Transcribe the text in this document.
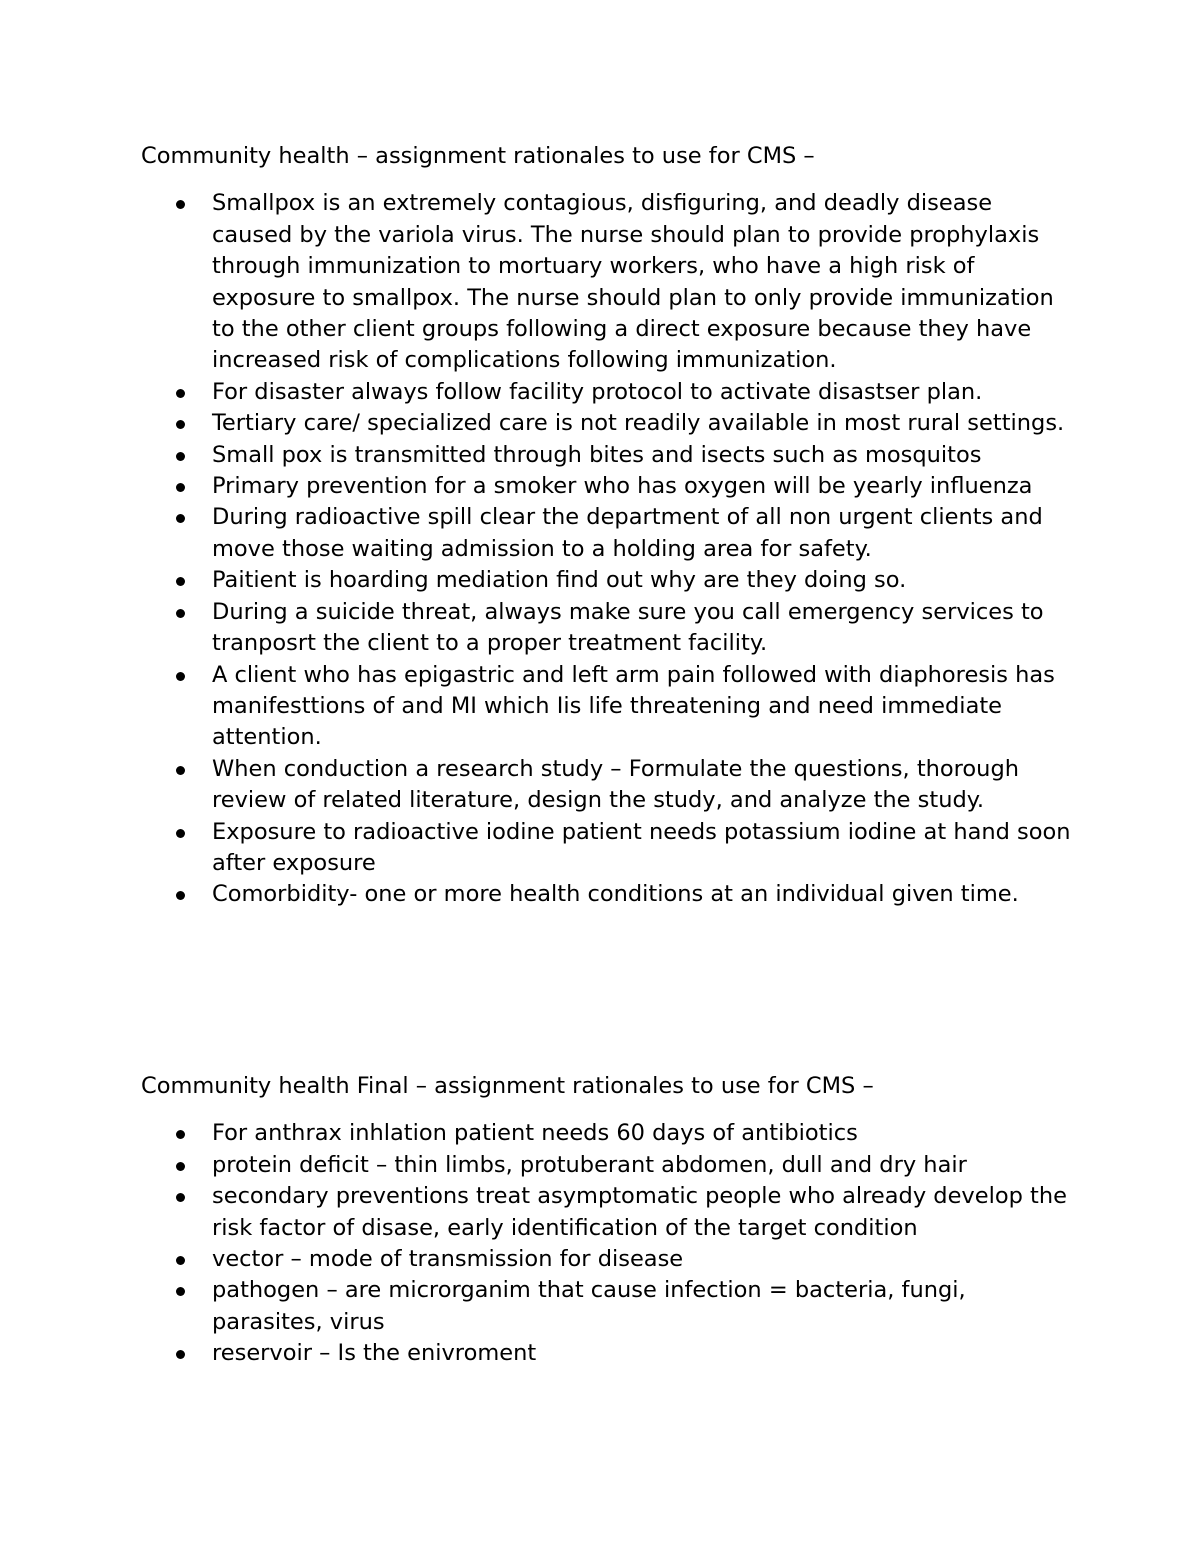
Community health – assignment rationales to use for CMS –
Smallpox is an extremely contagious, disfiguring, and deadly disease caused by the variola virus. The nurse should plan to provide prophylaxis through immunization to mortuary workers, who have a high risk of exposure to smallpox. The nurse should plan to only provide immunization to the other client groups following a direct exposure because they have increased risk of complications following immunization.
For disaster always follow facility protocol to activate disastser plan.
Tertiary care/ specialized care is not readily available in most rural settings.
Small pox is transmitted through bites and isects such as mosquitos
Primary prevention for a smoker who has oxygen will be yearly influenza
During radioactive spill clear the department of all non urgent clients and move those waiting admission to a holding area for safety.
Paitient is hoarding mediation find out why are they doing so.
During a suicide threat, always make sure you call emergency services to tranposrt the client to a proper treatment facility.
A client who has epigastric and left arm pain followed with diaphoresis has manifesttions of and MI which Iis life threatening and need immediate attention.
When conduction a research study – Formulate the questions, thorough review of related literature, design the study, and analyze the study.
Exposure to radioactive iodine patient needs potassium iodine at hand soon after exposure
Comorbidity- one or more health conditions at an individual given time.
Community health Final – assignment rationales to use for CMS –
For anthrax inhlation patient needs 60 days of antibiotics
protein deficit – thin limbs, protuberant abdomen, dull and dry hair
secondary preventions treat asymptomatic people who already develop the risk factor of disase, early identification of the target condition
vector – mode of transmission for disease
pathogen – are microrganim that cause infection = bacteria, fungi, parasites, virus
reservoir – Is the enivroment
